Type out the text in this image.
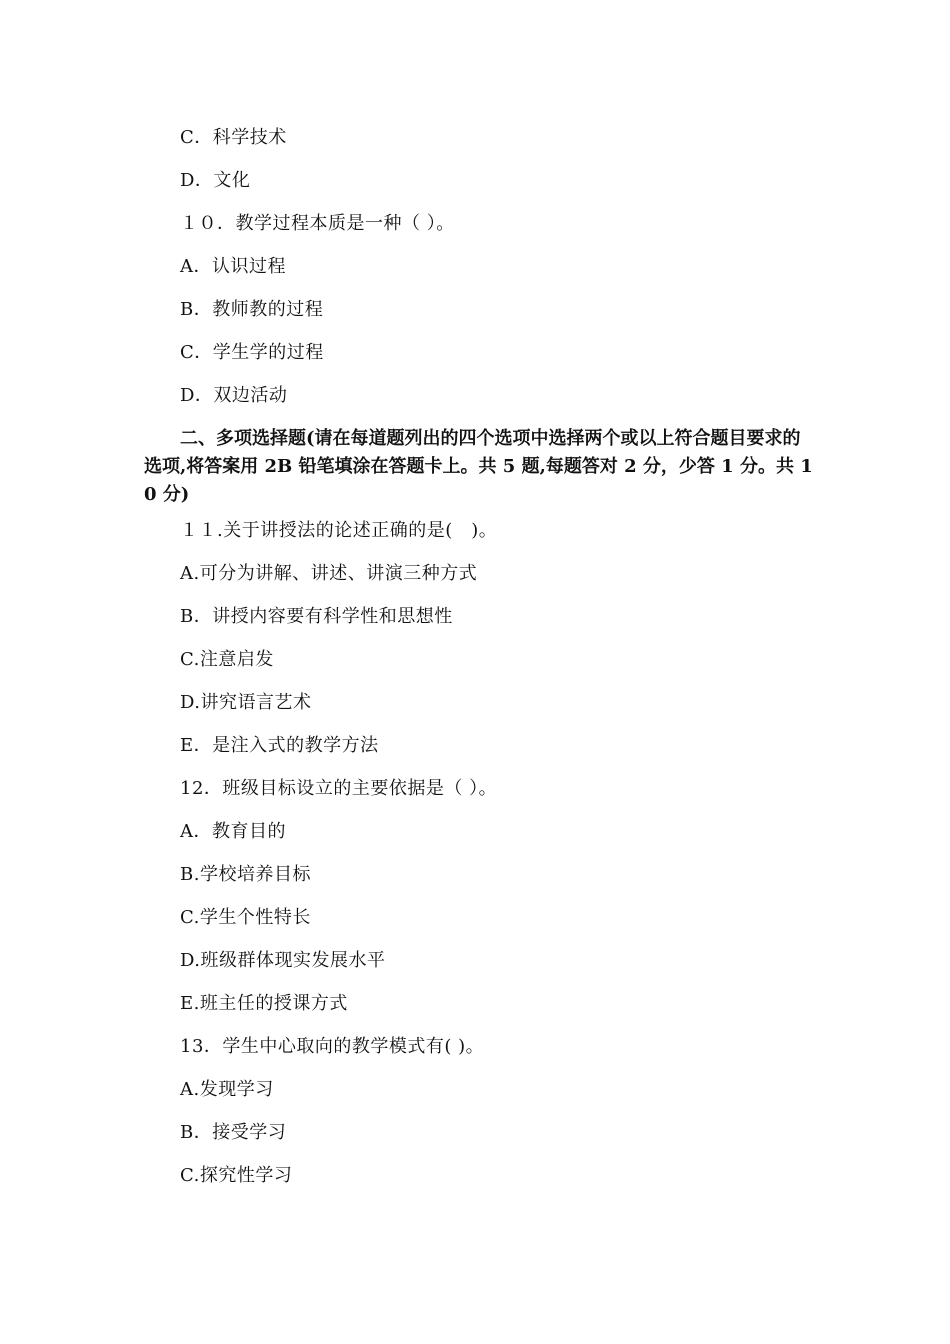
C．科学技术
D．文化
１０．教学过程本质是一种（ ）。
A．认识过程
B．教师教的过程
C．学生学的过程
D．双边活动
二、多项选择题(请在每道题列出的四个选项中选择两个或以上符合题目要求的选项,将答案用 2B 铅笔填涂在答题卡上。共 5 题,每题答对 2 分，少答 1 分。共 10 分)
１１.关于讲授法的论述正确的是(　)。
A.可分为讲解、讲述、讲演三种方式
B．讲授内容要有科学性和思想性
C.注意启发
D.讲究语言艺术
E．是注入式的教学方法
12．班级目标设立的主要依据是（ ）。
A．教育目的
B.学校培养目标
C.学生个性特长
D.班级群体现实发展水平
E.班主任的授课方式
13．学生中心取向的教学模式有( )。
A.发现学习
B．接受学习
C.探究性学习
